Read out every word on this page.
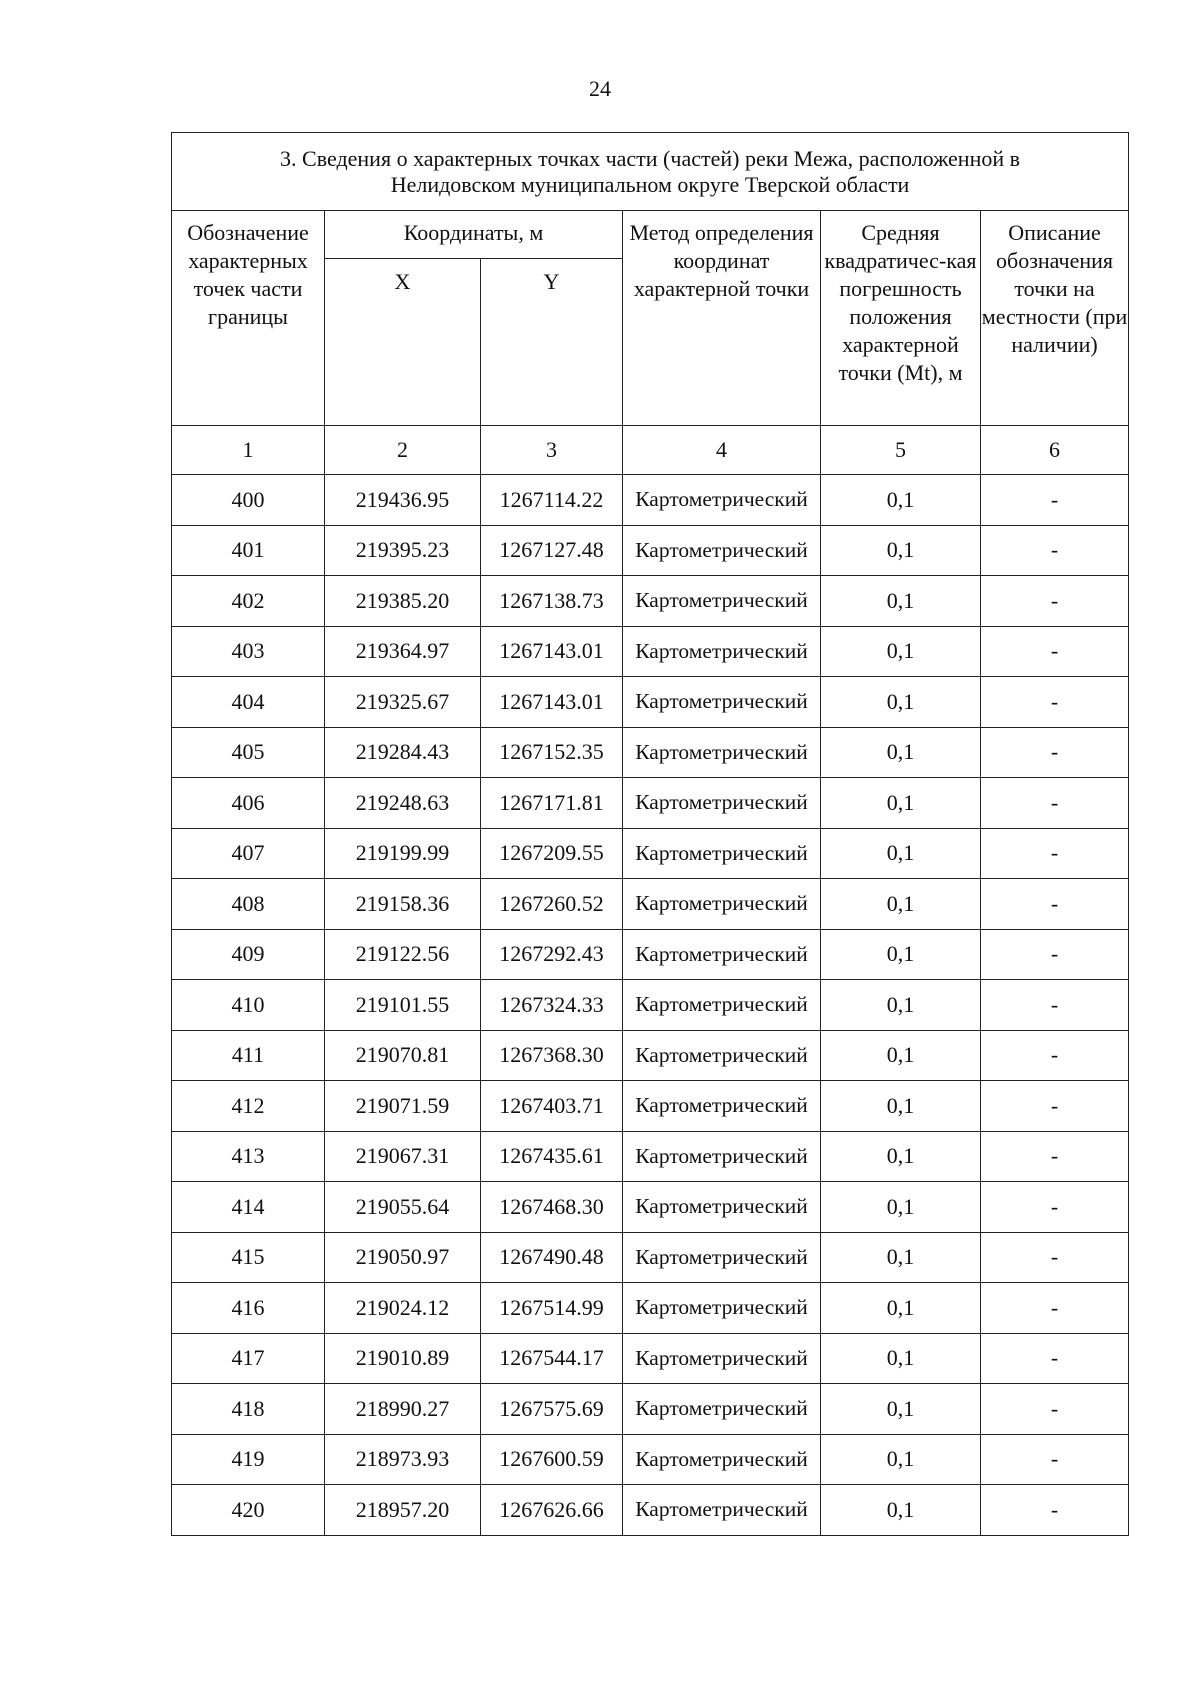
24
3. Сведения о характерных точках части (частей) реки Межа, расположенной в
Нелидовском муниципальном округе Тверской области					
Обозначение характерных точек части границы	Координаты, м		Метод определения координат характерной точки	Средняя квадратичес-кая погрешность положения характерной точки (Mt), м	Описание обозначения точки на местности (при наличии)
	X	Y			
1	2	3	4	5	6
400	219436.95	1267114.22	Картометрический	0,1	-
401	219395.23	1267127.48	Картометрический	0,1	-
402	219385.20	1267138.73	Картометрический	0,1	-
403	219364.97	1267143.01	Картометрический	0,1	-
404	219325.67	1267143.01	Картометрический	0,1	-
405	219284.43	1267152.35	Картометрический	0,1	-
406	219248.63	1267171.81	Картометрический	0,1	-
407	219199.99	1267209.55	Картометрический	0,1	-
408	219158.36	1267260.52	Картометрический	0,1	-
409	219122.56	1267292.43	Картометрический	0,1	-
410	219101.55	1267324.33	Картометрический	0,1	-
411	219070.81	1267368.30	Картометрический	0,1	-
412	219071.59	1267403.71	Картометрический	0,1	-
413	219067.31	1267435.61	Картометрический	0,1	-
414	219055.64	1267468.30	Картометрический	0,1	-
415	219050.97	1267490.48	Картометрический	0,1	-
416	219024.12	1267514.99	Картометрический	0,1	-
417	219010.89	1267544.17	Картометрический	0,1	-
418	218990.27	1267575.69	Картометрический	0,1	-
419	218973.93	1267600.59	Картометрический	0,1	-
420	218957.20	1267626.66	Картометрический	0,1	-
